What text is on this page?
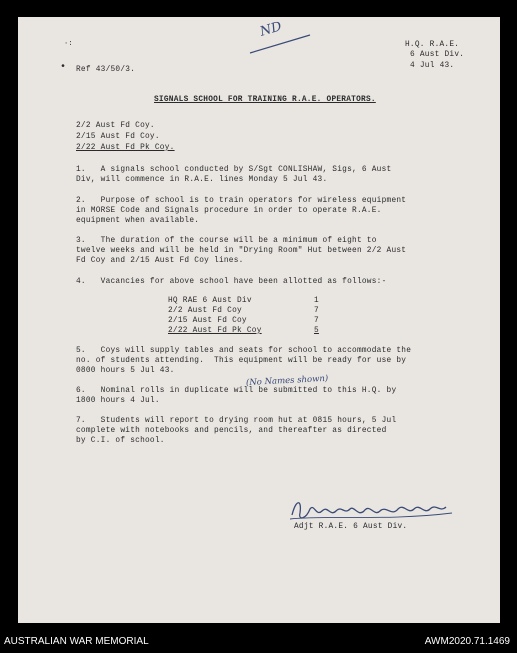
ND
H.Q. R.A.E.
6 Aust Div.
4 Jul 43.
·:
• Ref 43/50/3.
SIGNALS SCHOOL FOR TRAINING R.A.E. OPERATORS.
2/2 Aust Fd Coy.
2/15 Aust Fd Coy.
2/22 Aust Fd Pk Coy.
1.   A signals school conducted by S/Sgt CONLISHAW, Sigs, 6 Aust
Div, will commence in R.A.E. lines Monday 5 Jul 43.
2.   Purpose of school is to train operators for wireless equipment
in MORSE Code and Signals procedure in order to operate R.A.E.
equipment when available.
3.   The duration of the course will be a minimum of eight to
twelve weeks and will be held in "Drying Room" Hut between 2/2 Aust
Fd Coy and 2/15 Aust Fd Coy lines.
4.   Vacancies for above school have been allotted as follows:-
HQ RAE 6 Aust Div	1
2/2 Aust Fd Coy	7
2/15 Aust Fd Coy	7
2/22 Aust Fd Pk Coy	5
5.   Coys will supply tables and seats for school to accommodate the
no. of students attending.  This equipment will be ready for use by
0800 hours 5 Jul 43.
(No Names shown)
6.   Nominal rolls in duplicate will be submitted to this H.Q. by
1800 hours 4 Jul.
7.   Students will report to drying room hut at 0815 hours, 5 Jul
complete with notebooks and pencils, and thereafter as directed
by C.I. of school.
Adjt R.A.E. 6 Aust Div.
AUSTRALIAN WAR MEMORIAL	AWM2020.71.1469
